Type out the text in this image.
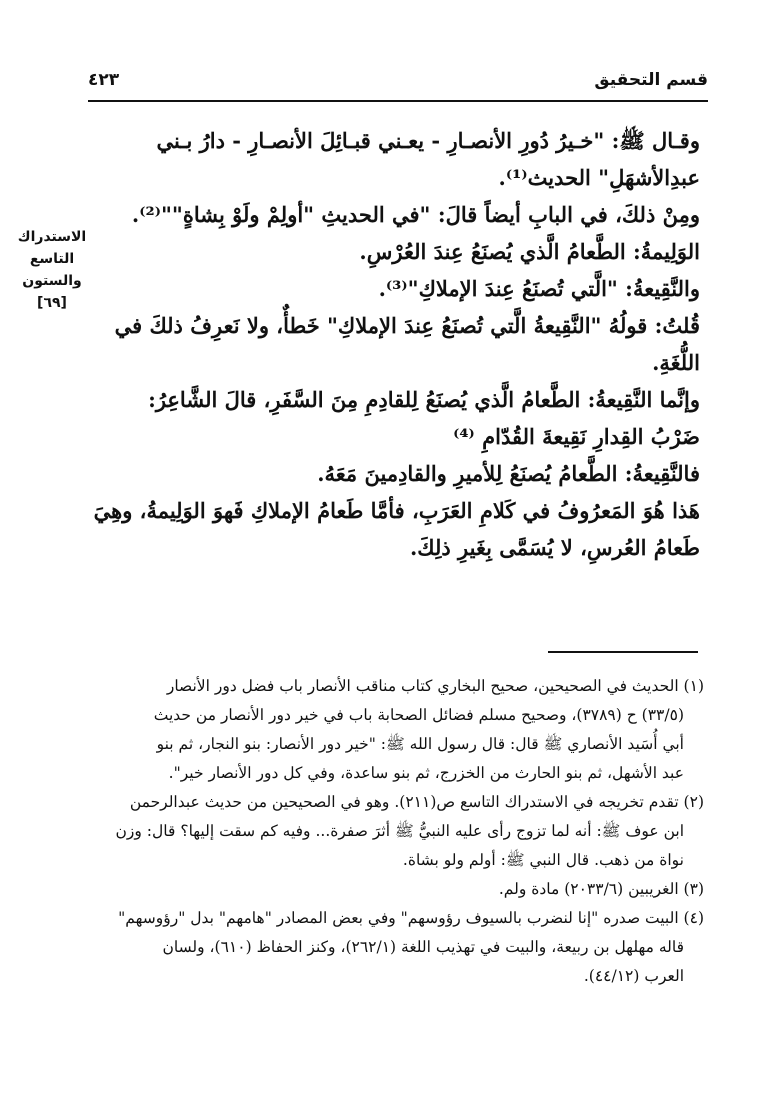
قسم التحقيق
٤٢٣

وقـال ﷺ: "خـيرُ دُورِ الأنصـارِ - يعـني قبـائِلَ الأنصـارِ - دارُ بـني

عبدِالأشهَلِ" الحديث⁽¹⁾.

ومِنْ ذلكَ، في البابِ أيضاً قالَ: "في الحديثِ "أولِمْ ولَوْ بِشاةٍ""⁽²⁾.

الوَلِيمةُ: الطَّعامُ الَّذي يُصنَعُ عِندَ العُرْسِ.

والنَّقِيعةُ: "الَّتي تُصنَعُ عِندَ الإملاكِ"⁽³⁾.

قُلتُ: قولُهُ "النَّقِيعةُ الَّتي تُصنَعُ عِندَ الإملاكِ" خَطأٌ، ولا نَعرِفُ ذلكَ في اللُّغَةِ.

وإنَّما النَّقِيعةُ: الطَّعامُ الَّذي يُصنَعُ لِلقادِمِ مِنَ السَّفَرِ، قالَ الشَّاعِرُ:

ضَرْبُ القِدارِ نَقِيعةَ القُدّامِ ⁽⁴⁾

فالنَّقِيعةُ: الطَّعامُ يُصنَعُ لِلأميرِ والقادِمينَ مَعَهُ.

هَذا هُوَ المَعرُوفُ في كَلامِ العَرَبِ، فأمَّا طَعامُ الإملاكِ فَهوَ الوَلِيمةُ، وهِيَ

طَعامُ العُرسِ، لا يُسَمَّى بِغَيرِ ذلِكَ.

الاستدراك
التاسع
والستون
[٦٩]

(١) الحديث في الصحيحين، صحيح البخاري كتاب مناقب الأنصار باب فضل دور الأنصار

(٣٣/٥) ح (٣٧٨٩)، وصحيح مسلم فضائل الصحابة باب في خير دور الأنصار من حديث

أبي أُسَيد الأنصاري ﷺ قال: قال رسول الله ﷺ: "خير دور الأنصار: بنو النجار، ثم بنو

عبد الأشهل، ثم بنو الحارث من الخزرج، ثم بنو ساعدة، وفي كل دور الأنصار خير".

(٢) تقدم تخريجه في الاستدراك التاسع ص(٢١١). وهو في الصحيحين من حديث عبدالرحمن

ابن عوف ﷺ: أنه لما تزوج رأى عليه النبيُّ ﷺ أثرَ صفرة... وفيه كم سقت إليها؟ قال: وزن

نواة من ذهب. قال النبي ﷺ: أولم ولو بشاة.

(٣) الغريبين (٢٠٣٣/٦) مادة ولم.

(٤) البيت صدره "إنا لنضرب بالسيوف رؤوسهم" وفي بعض المصادر "هامهم" بدل "رؤوسهم"

قاله مهلهل بن ربيعة، والبيت في تهذيب اللغة (٢٦٢/١)، وكنز الحفاظ (٦١٠)، ولسان

العرب (٤٤/١٢).
